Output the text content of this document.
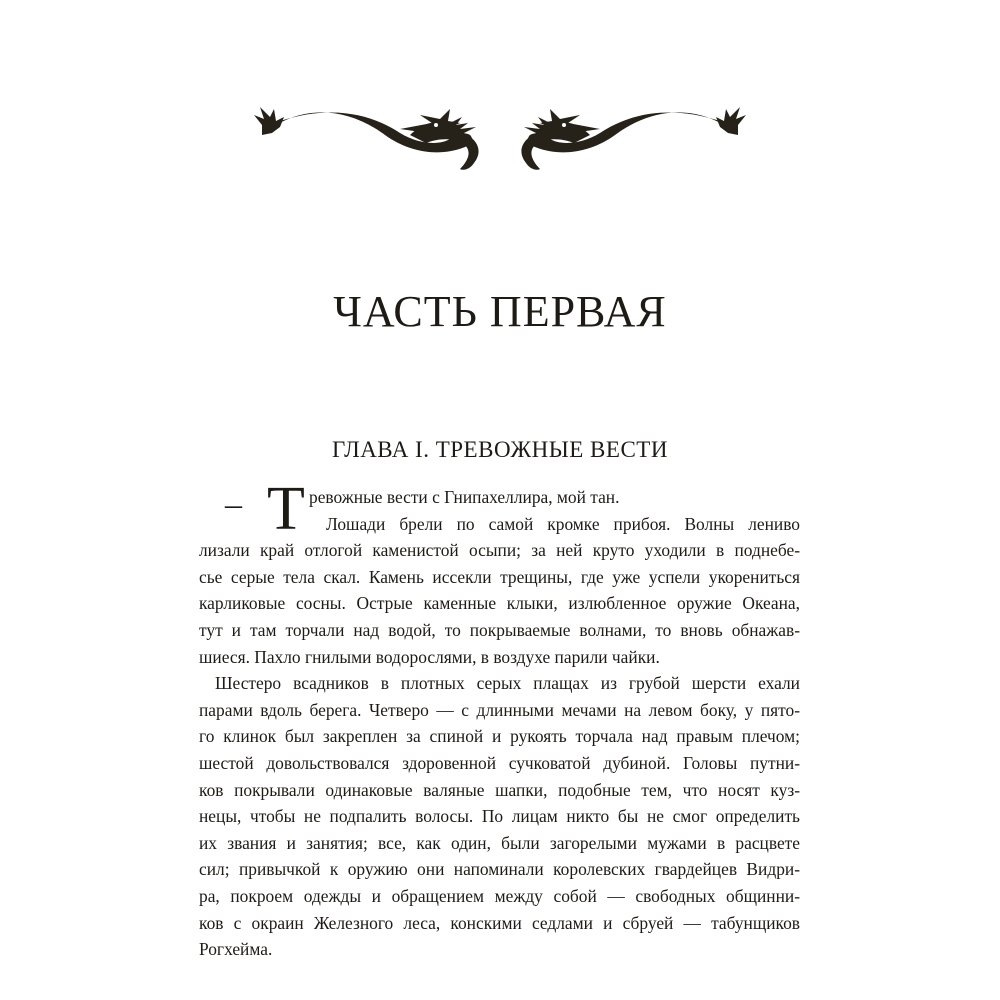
ЧАСТЬ ПЕРВАЯ
ГЛАВА I. ТРЕВОЖНЫЕ ВЕСТИ
– Т ревожные вести с Гнипахеллира, мой тан.
Лошади брели по самой кромке прибоя. Волны лениво
лизали край отлогой каменистой осыпи; за ней круто уходили в поднебе-
сье серые тела скал. Камень иссекли трещины, где уже успели укорениться
карликовые сосны. Острые каменные клыки, излюбленное оружие Океана,
тут и там торчали над водой, то покрываемые волнами, то вновь обнажав-
шиеся. Пахло гнилыми водорослями, в воздухе парили чайки.
Шестеро всадников в плотных серых плащах из грубой шерсти ехали
парами вдоль берега. Четверо — с длинными мечами на левом боку, у пято-
го клинок был закреплен за спиной и рукоять торчала над правым плечом;
шестой довольствовался здоровенной сучковатой дубиной. Головы путни-
ков покрывали одинаковые валяные шапки, подобные тем, что носят куз-
нецы, чтобы не подпалить волосы. По лицам никто бы не смог определить
их звания и занятия; все, как один, были загорелыми мужами в расцвете
сил; привычкой к оружию они напоминали королевских гвардейцев Видри-
ра, покроем одежды и обращением между собой — свободных общинни-
ков с окраин Железного леса, конскими седлами и сбруей — табунщиков
Рогхейма.
